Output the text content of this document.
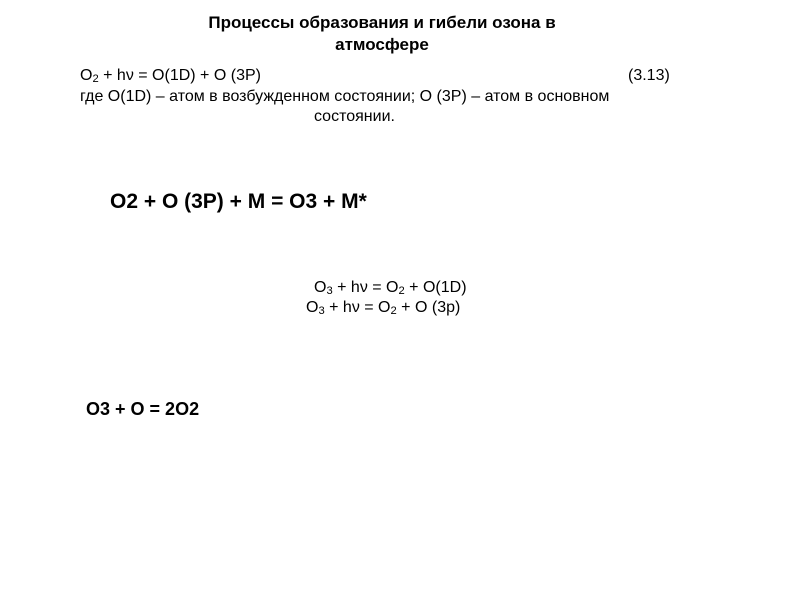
Процессы образования и гибели озона в
атмосфере
O2 + hν = O(1D) + O (3P)	(3.13)
где O(1D) – атом в возбужденном состоянии; O (3P) – атом в основном
состоянии.
O2 + O (3P) + M = O3 + M*
O3 + hν = O2 + O(1D)
O3 + hν = O2 + O (3p)
O3 + O = 2O2
